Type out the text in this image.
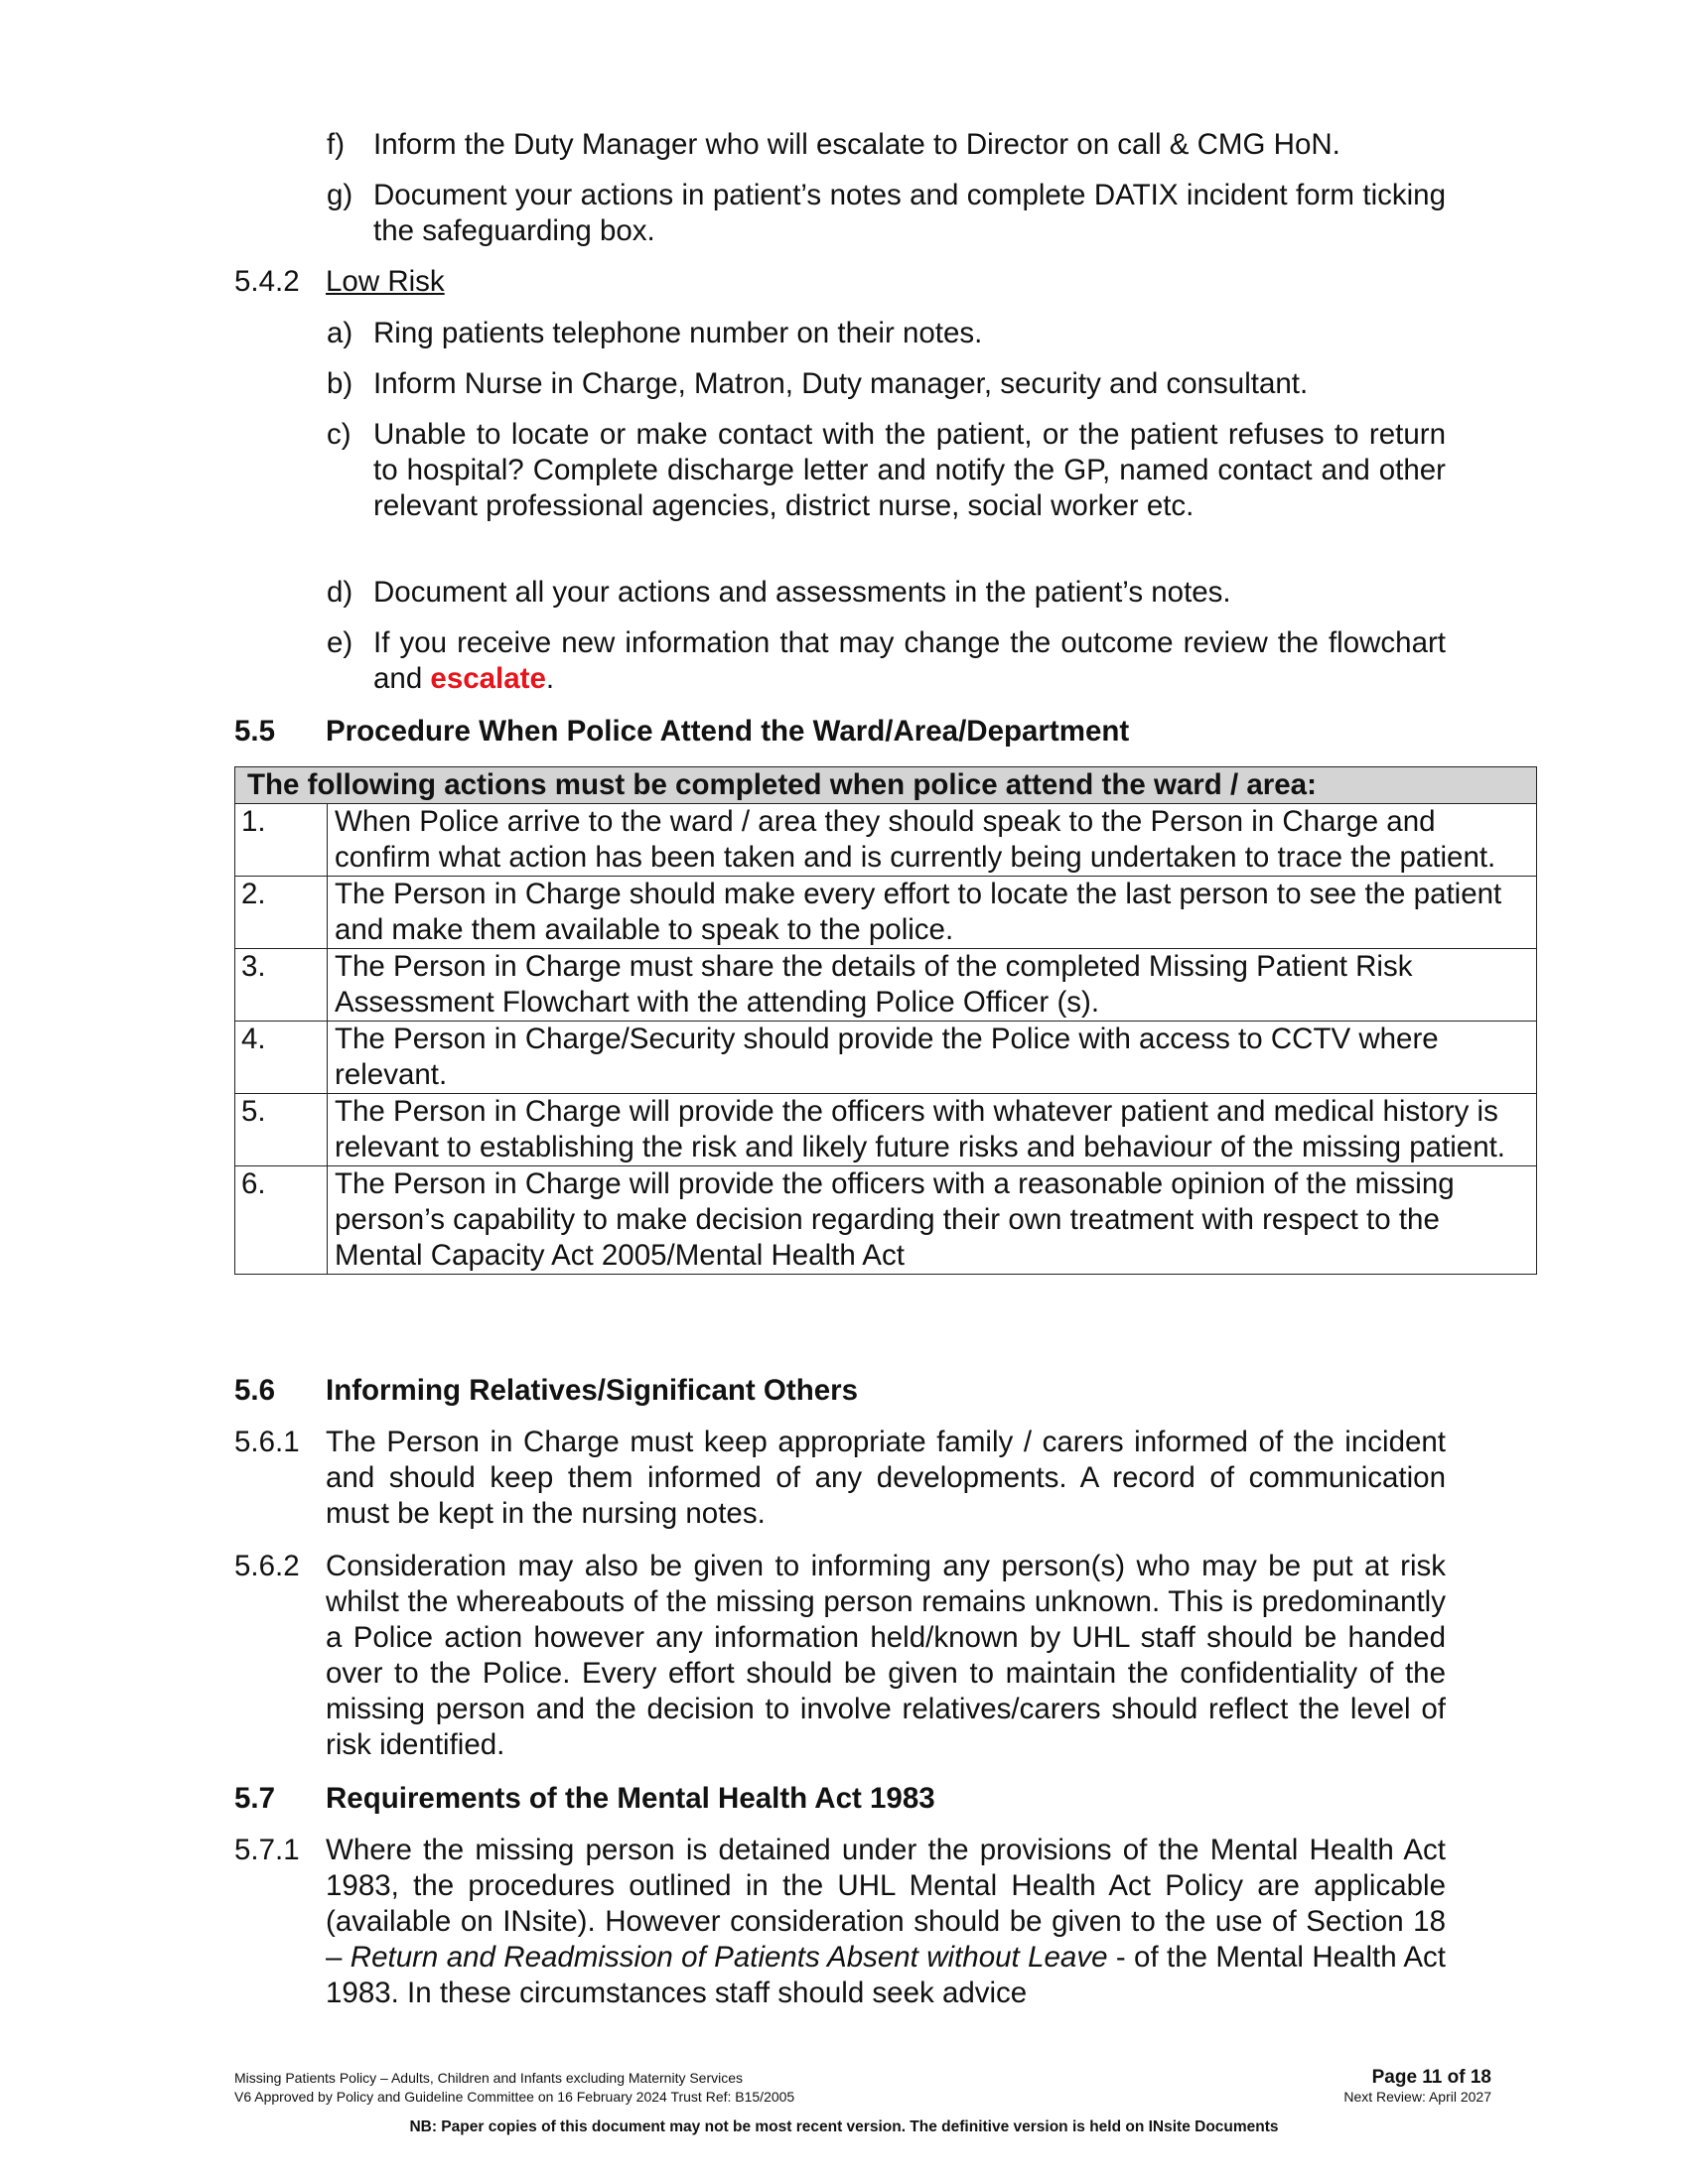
f) Inform the Duty Manager who will escalate to Director on call & CMG HoN.
g) Document your actions in patient’s notes and complete DATIX incident form ticking the safeguarding box.
5.4.2 Low Risk
a) Ring patients telephone number on their notes.
b) Inform Nurse in Charge, Matron, Duty manager, security and consultant.
c) Unable to locate or make contact with the patient, or the patient refuses to return to hospital? Complete discharge letter and notify the GP, named contact and other relevant professional agencies, district nurse, social worker etc.
d) Document all your actions and assessments in the patient’s notes.
e) If you receive new information that may change the outcome review the flowchart and escalate.
5.5 Procedure When Police Attend the Ward/Area/Department
The following actions must be completed when police attend the ward / area:	
1.	When Police arrive to the ward / area they should speak to the Person in Charge and confirm what action has been taken and is currently being undertaken to trace the patient.
2.	The Person in Charge should make every effort to locate the last person to see the patient and make them available to speak to the police.
3.	The Person in Charge must share the details of the completed Missing Patient Risk Assessment Flowchart with the attending Police Officer (s).
4.	The Person in Charge/Security should provide the Police with access to CCTV where relevant.
5.	The Person in Charge will provide the officers with whatever patient and medical history is relevant to establishing the risk and likely future risks and behaviour of the missing patient.
6.	The Person in Charge will provide the officers with a reasonable opinion of the missing person’s capability to make decision regarding their own treatment with respect to the Mental Capacity Act 2005/Mental Health Act
5.6 Informing Relatives/Significant Others
5.6.1 The Person in Charge must keep appropriate family / carers informed of the incident and should keep them informed of any developments. A record of communication must be kept in the nursing notes.
5.6.2 Consideration may also be given to informing any person(s) who may be put at risk whilst the whereabouts of the missing person remains unknown. This is predominantly a Police action however any information held/known by UHL staff should be handed over to the Police. Every effort should be given to maintain the confidentiality of the missing person and the decision to involve relatives/carers should reflect the level of risk identified.
5.7 Requirements of the Mental Health Act 1983
5.7.1 Where the missing person is detained under the provisions of the Mental Health Act 1983, the procedures outlined in the UHL Mental Health Act Policy are applicable (available on INsite). However consideration should be given to the use of Section 18 – Return and Readmission of Patients Absent without Leave - of the Mental Health Act 1983. In these circumstances staff should seek advice
Missing Patients Policy – Adults, Children and Infants excluding Maternity Services
V6 Approved by Policy and Guideline Committee on 16 February 2024 Trust Ref: B15/2005
Page 11 of 18
Next Review: April 2027
NB: Paper copies of this document may not be most recent version. The definitive version is held on INsite Documents
